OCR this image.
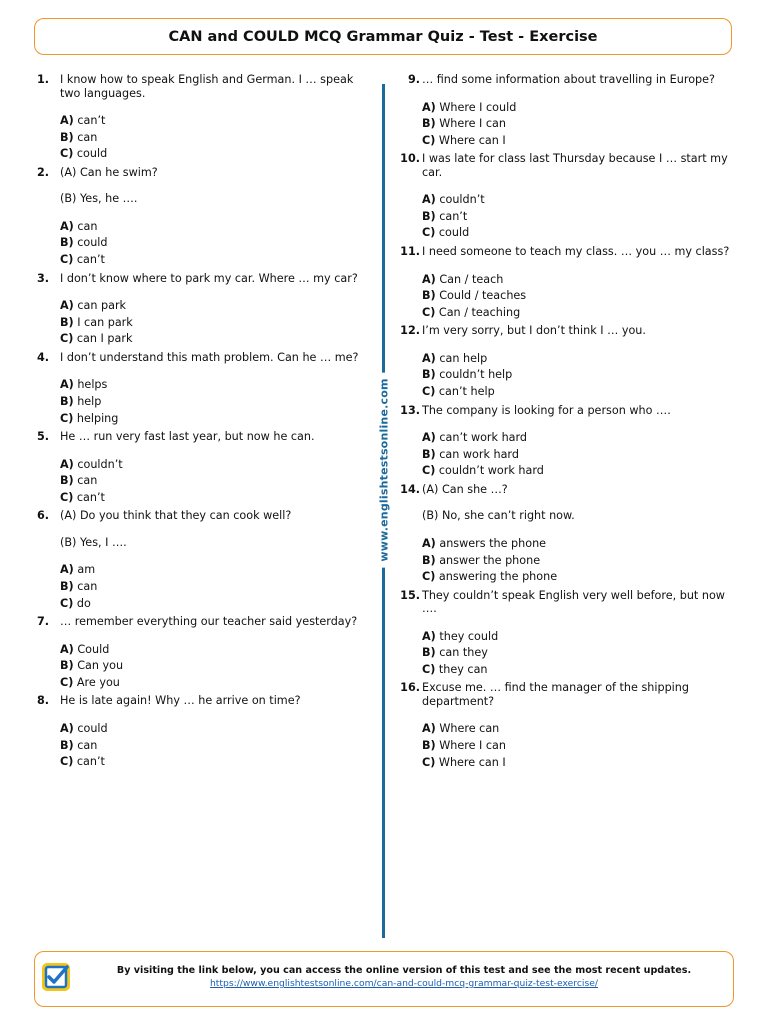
CAN and COULD MCQ Grammar Quiz - Test - Exercise
1. I know how to speak English and German. I … speak two languages.
A) can’t
B) can
C) could
2. (A) Can he swim?
(B) Yes, he ….
A) can
B) could
C) can’t
3. I don’t know where to park my car. Where … my car?
A) can park
B) I can park
C) can I park
4. I don’t understand this math problem. Can he … me?
A) helps
B) help
C) helping
5. He … run very fast last year, but now he can.
A) couldn’t
B) can
C) can’t
6. (A) Do you think that they can cook well?
(B) Yes, I ….
A) am
B) can
C) do
7. … remember everything our teacher said yesterday?
A) Could
B) Can you
C) Are you
8. He is late again! Why … he arrive on time?
A) could
B) can
C) can’t
9. … find some information about travelling in Europe?
A) Where I could
B) Where I can
C) Where can I
10. I was late for class last Thursday because I … start my car.
A) couldn’t
B) can’t
C) could
11. I need someone to teach my class. … you … my class?
A) Can / teach
B) Could / teaches
C) Can / teaching
12. I’m very sorry, but I don’t think I … you.
A) can help
B) couldn’t help
C) can’t help
13. The company is looking for a person who ….
A) can’t work hard
B) can work hard
C) couldn’t work hard
14. (A) Can she …?
(B) No, she can’t right now.
A) answers the phone
B) answer the phone
C) answering the phone
15. They couldn’t speak English very well before, but now ….
A) they could
B) can they
C) they can
16. Excuse me. … find the manager of the shipping department?
A) Where can
B) Where I can
C) Where can I
www.englishtestsonline.com
By visiting the link below, you can access the online version of this test and see the most recent updates.
https://www.englishtestsonline.com/can-and-could-mcq-grammar-quiz-test-exercise/
